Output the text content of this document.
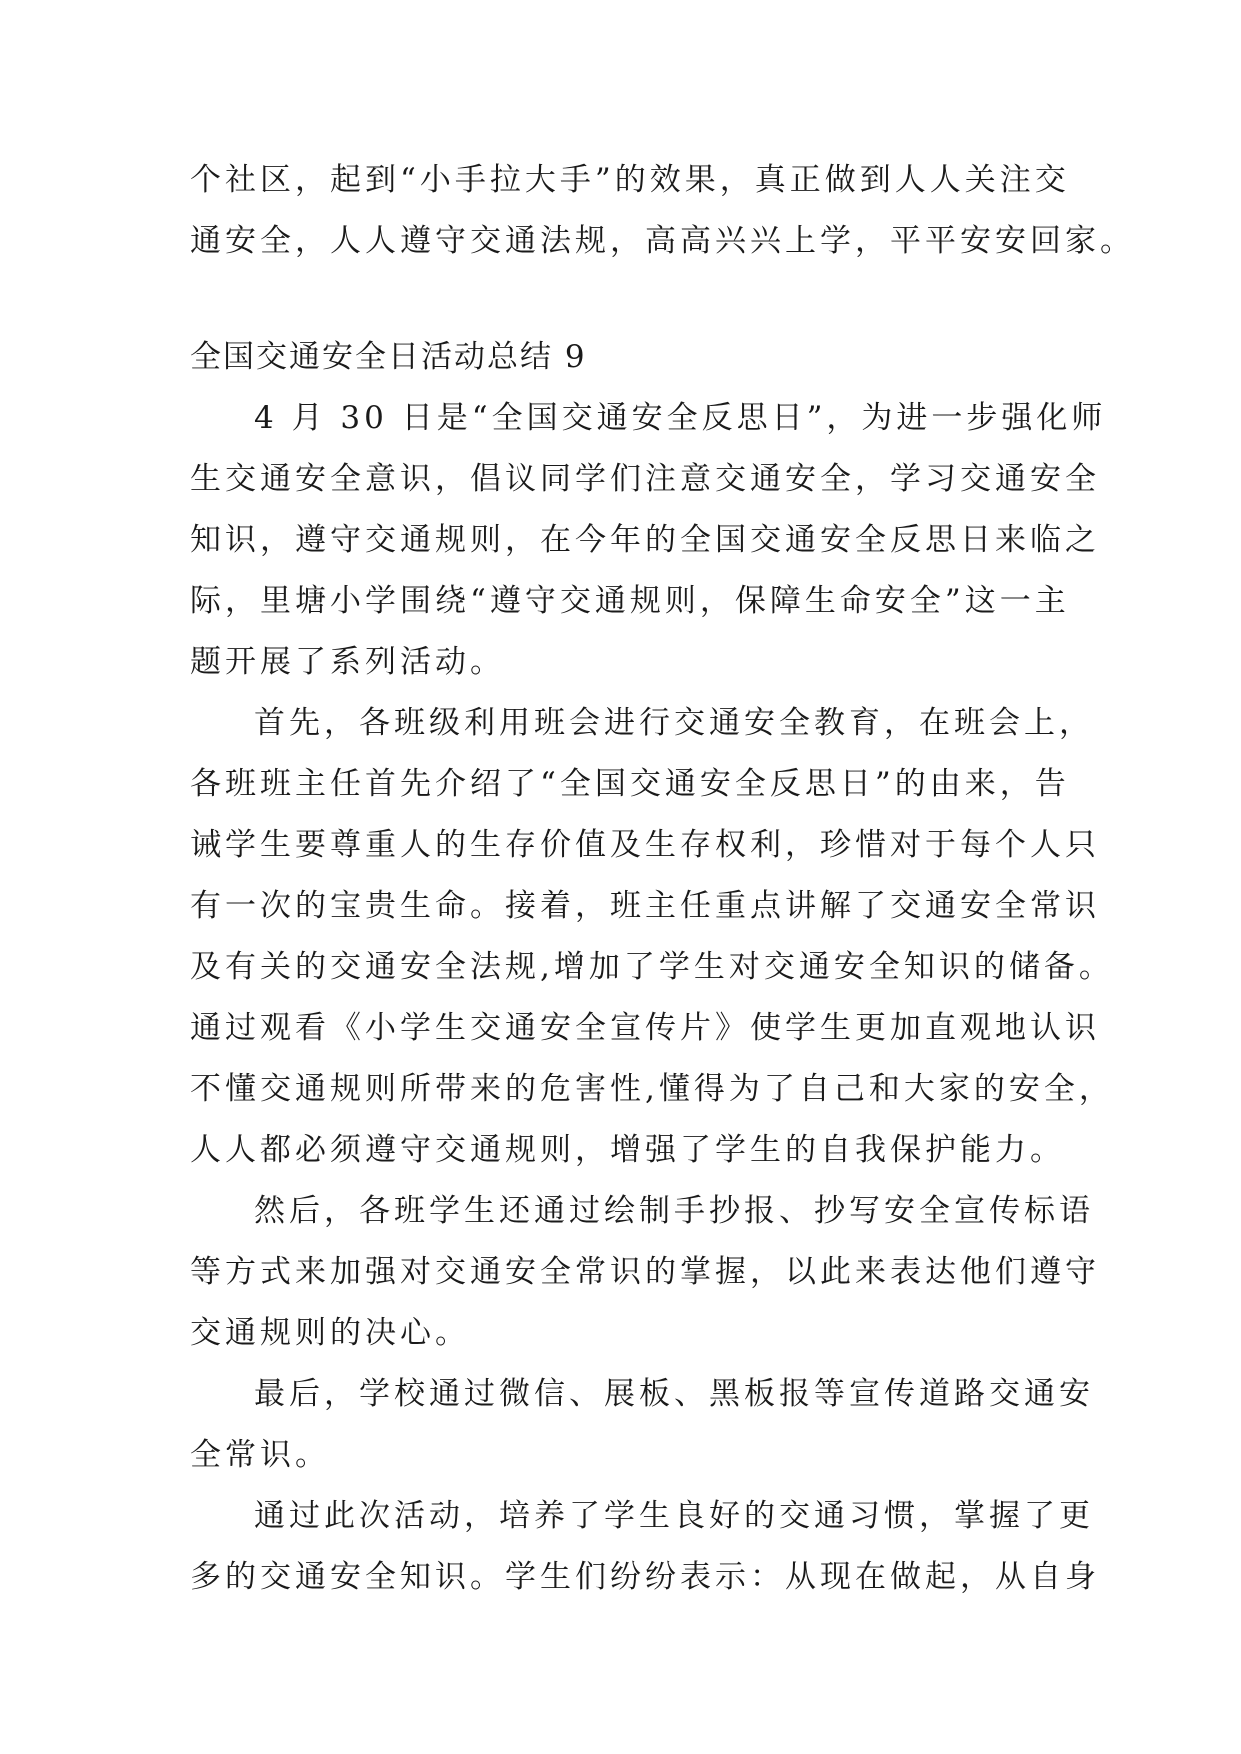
个社区，起到“小手拉大手”的效果，真正做到人人关注交
通安全，人人遵守交通法规，高高兴兴上学，平平安安回家。
全国交通安全日活动总结 9
4 月 30 日是“全国交通安全反思日”，为进一步强化师
生交通安全意识，倡议同学们注意交通安全，学习交通安全
知识，遵守交通规则，在今年的全国交通安全反思日来临之
际，里塘小学围绕“遵守交通规则，保障生命安全”这一主
题开展了系列活动。
首先，各班级利用班会进行交通安全教育，在班会上，
各班班主任首先介绍了“全国交通安全反思日”的由来，告
诫学生要尊重人的生存价值及生存权利，珍惜对于每个人只
有一次的宝贵生命。接着，班主任重点讲解了交通安全常识
及有关的交通安全法规,增加了学生对交通安全知识的储备。
通过观看《小学生交通安全宣传片》使学生更加直观地认识
不懂交通规则所带来的危害性,懂得为了自己和大家的安全，
人人都必须遵守交通规则，增强了学生的自我保护能力。
然后，各班学生还通过绘制手抄报、抄写安全宣传标语
等方式来加强对交通安全常识的掌握，以此来表达他们遵守
交通规则的决心。
最后，学校通过微信、展板、黑板报等宣传道路交通安
全常识。
通过此次活动，培养了学生良好的交通习惯，掌握了更
多的交通安全知识。学生们纷纷表示：从现在做起，从自身
